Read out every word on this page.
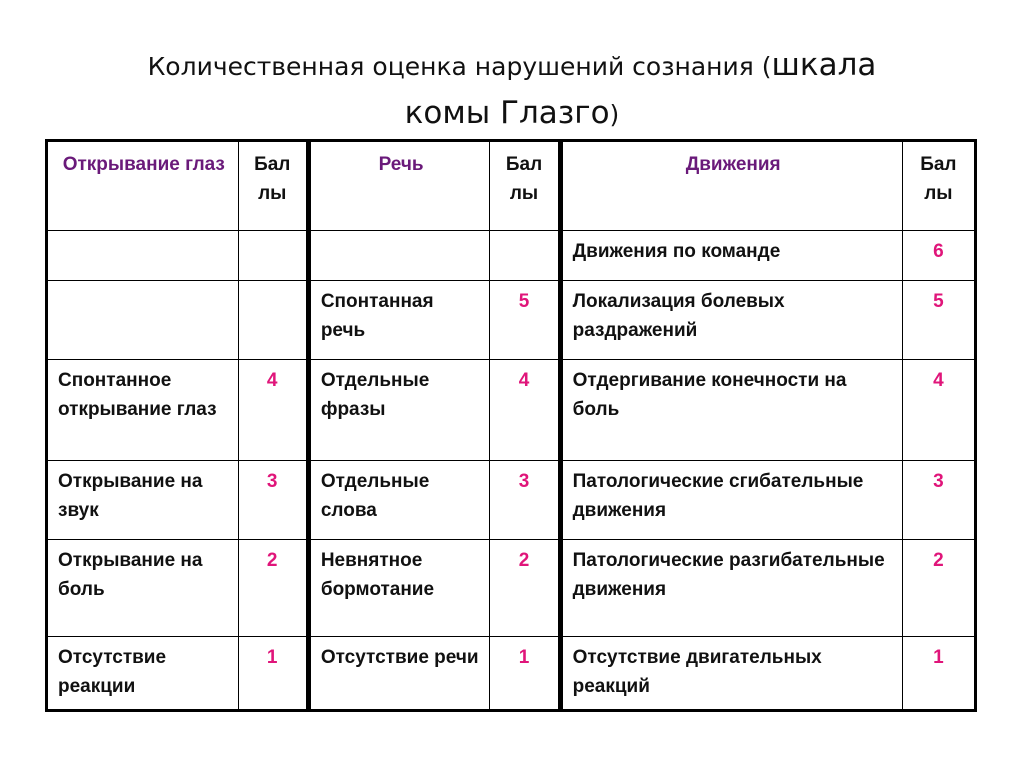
Количественная оценка нарушений сознания (шкала
комы Глазго)
Открывание глаз	Бал лы	Речь	Бал лы	Движения	Бал лы
				Движения по команде	6
		Спонтанная речь	5	Локализация болевых раздражений	5
Спонтанное открывание глаз	4	Отдельные фразы	4	Отдергивание конечности на боль	4
Открывание на звук	3	Отдельные слова	3	Патологические сгибательные движения	3
Открывание на боль	2	Невнятное бормотание	2	Патологические разгибательные движения	2
Отсутствие реакции	1	Отсутствие речи	1	Отсутствие двигательных реакций	1
